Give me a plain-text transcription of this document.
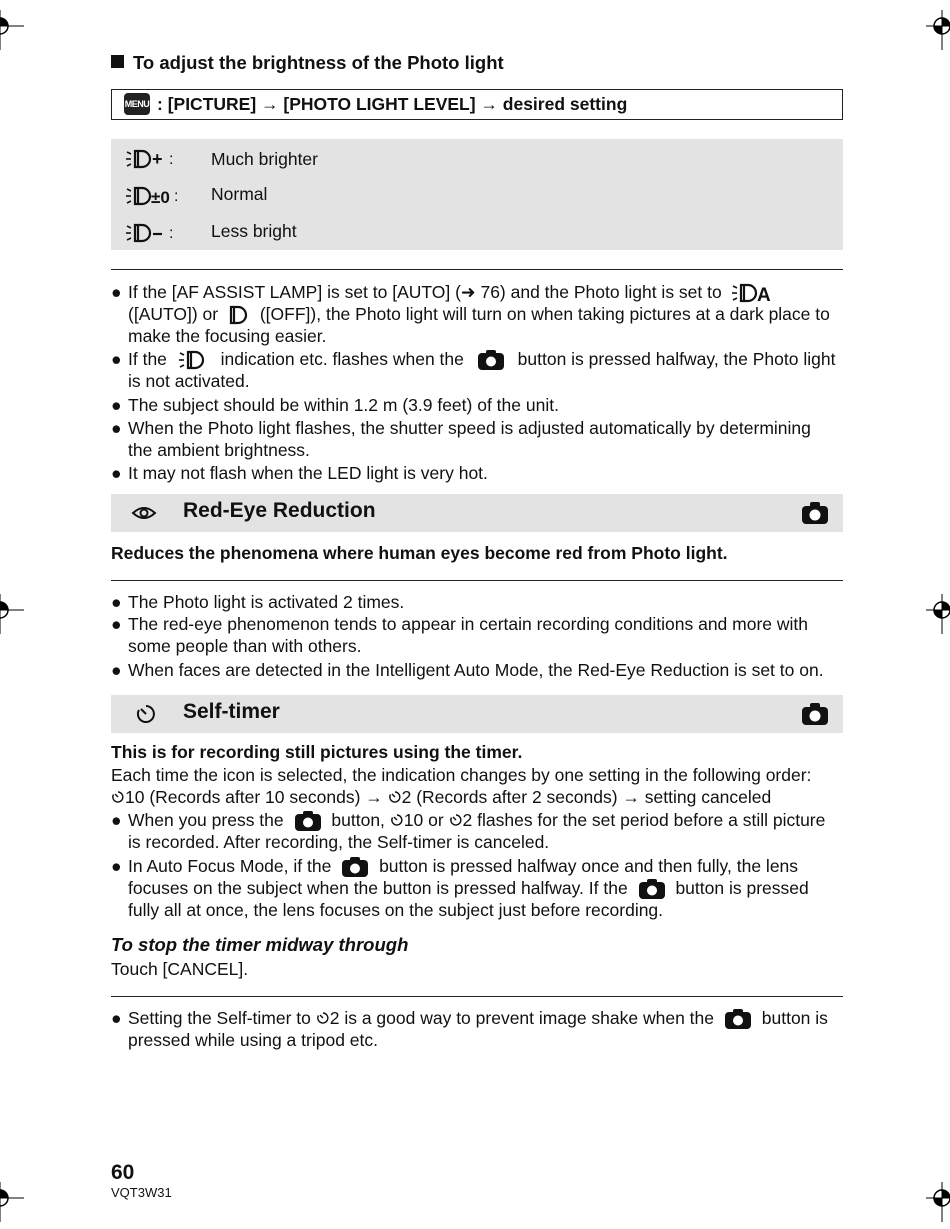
To adjust the brightness of the Photo light
MENU : [PICTURE] → [PHOTO LIGHT LEVEL] → desired setting
+ : Much brighter
±0 : Normal
: Less bright
● If the [AF ASSIST LAMP] is set to [AUTO] (➜ 76) and the Photo light is set to A
([AUTO]) or ([OFF]), the Photo light will turn on when taking pictures at a dark place to
make the focusing easier.
● If the	indication etc. flashes when the	button is pressed halfway, the Photo light
is not activated.
● The subject should be within 1.2 m (3.9 feet) of the unit.
● When the Photo light flashes, the shutter speed is adjusted automatically by determining
the ambient brightness.
● It may not flash when the LED light is very hot.
Red-Eye Reduction
Reduces the phenomena where human eyes become red from Photo light.
● The Photo light is activated 2 times.
● The red-eye phenomenon tends to appear in certain recording conditions and more with
some people than with others.
● When faces are detected in the Intelligent Auto Mode, the Red-Eye Reduction is set to on.
Self-timer
This is for recording still pictures using the timer.
Each time the icon is selected, the indication changes by one setting in the following order:
10 (Records after 10 seconds) → 2 (Records after 2 seconds) → setting canceled
● When you press the	button, 10 or 2 flashes for the set period before a still picture
is recorded. After recording, the Self-timer is canceled.
● In Auto Focus Mode, if the	button is pressed halfway once and then fully, the lens
focuses on the subject when the button is pressed halfway. If the	button is pressed
fully all at once, the lens focuses on the subject just before recording.
To stop the timer midway through
Touch [CANCEL].
● Setting the Self-timer to 2 is a good way to prevent image shake when the	button is
pressed while using a tripod etc.
60
VQT3W31
